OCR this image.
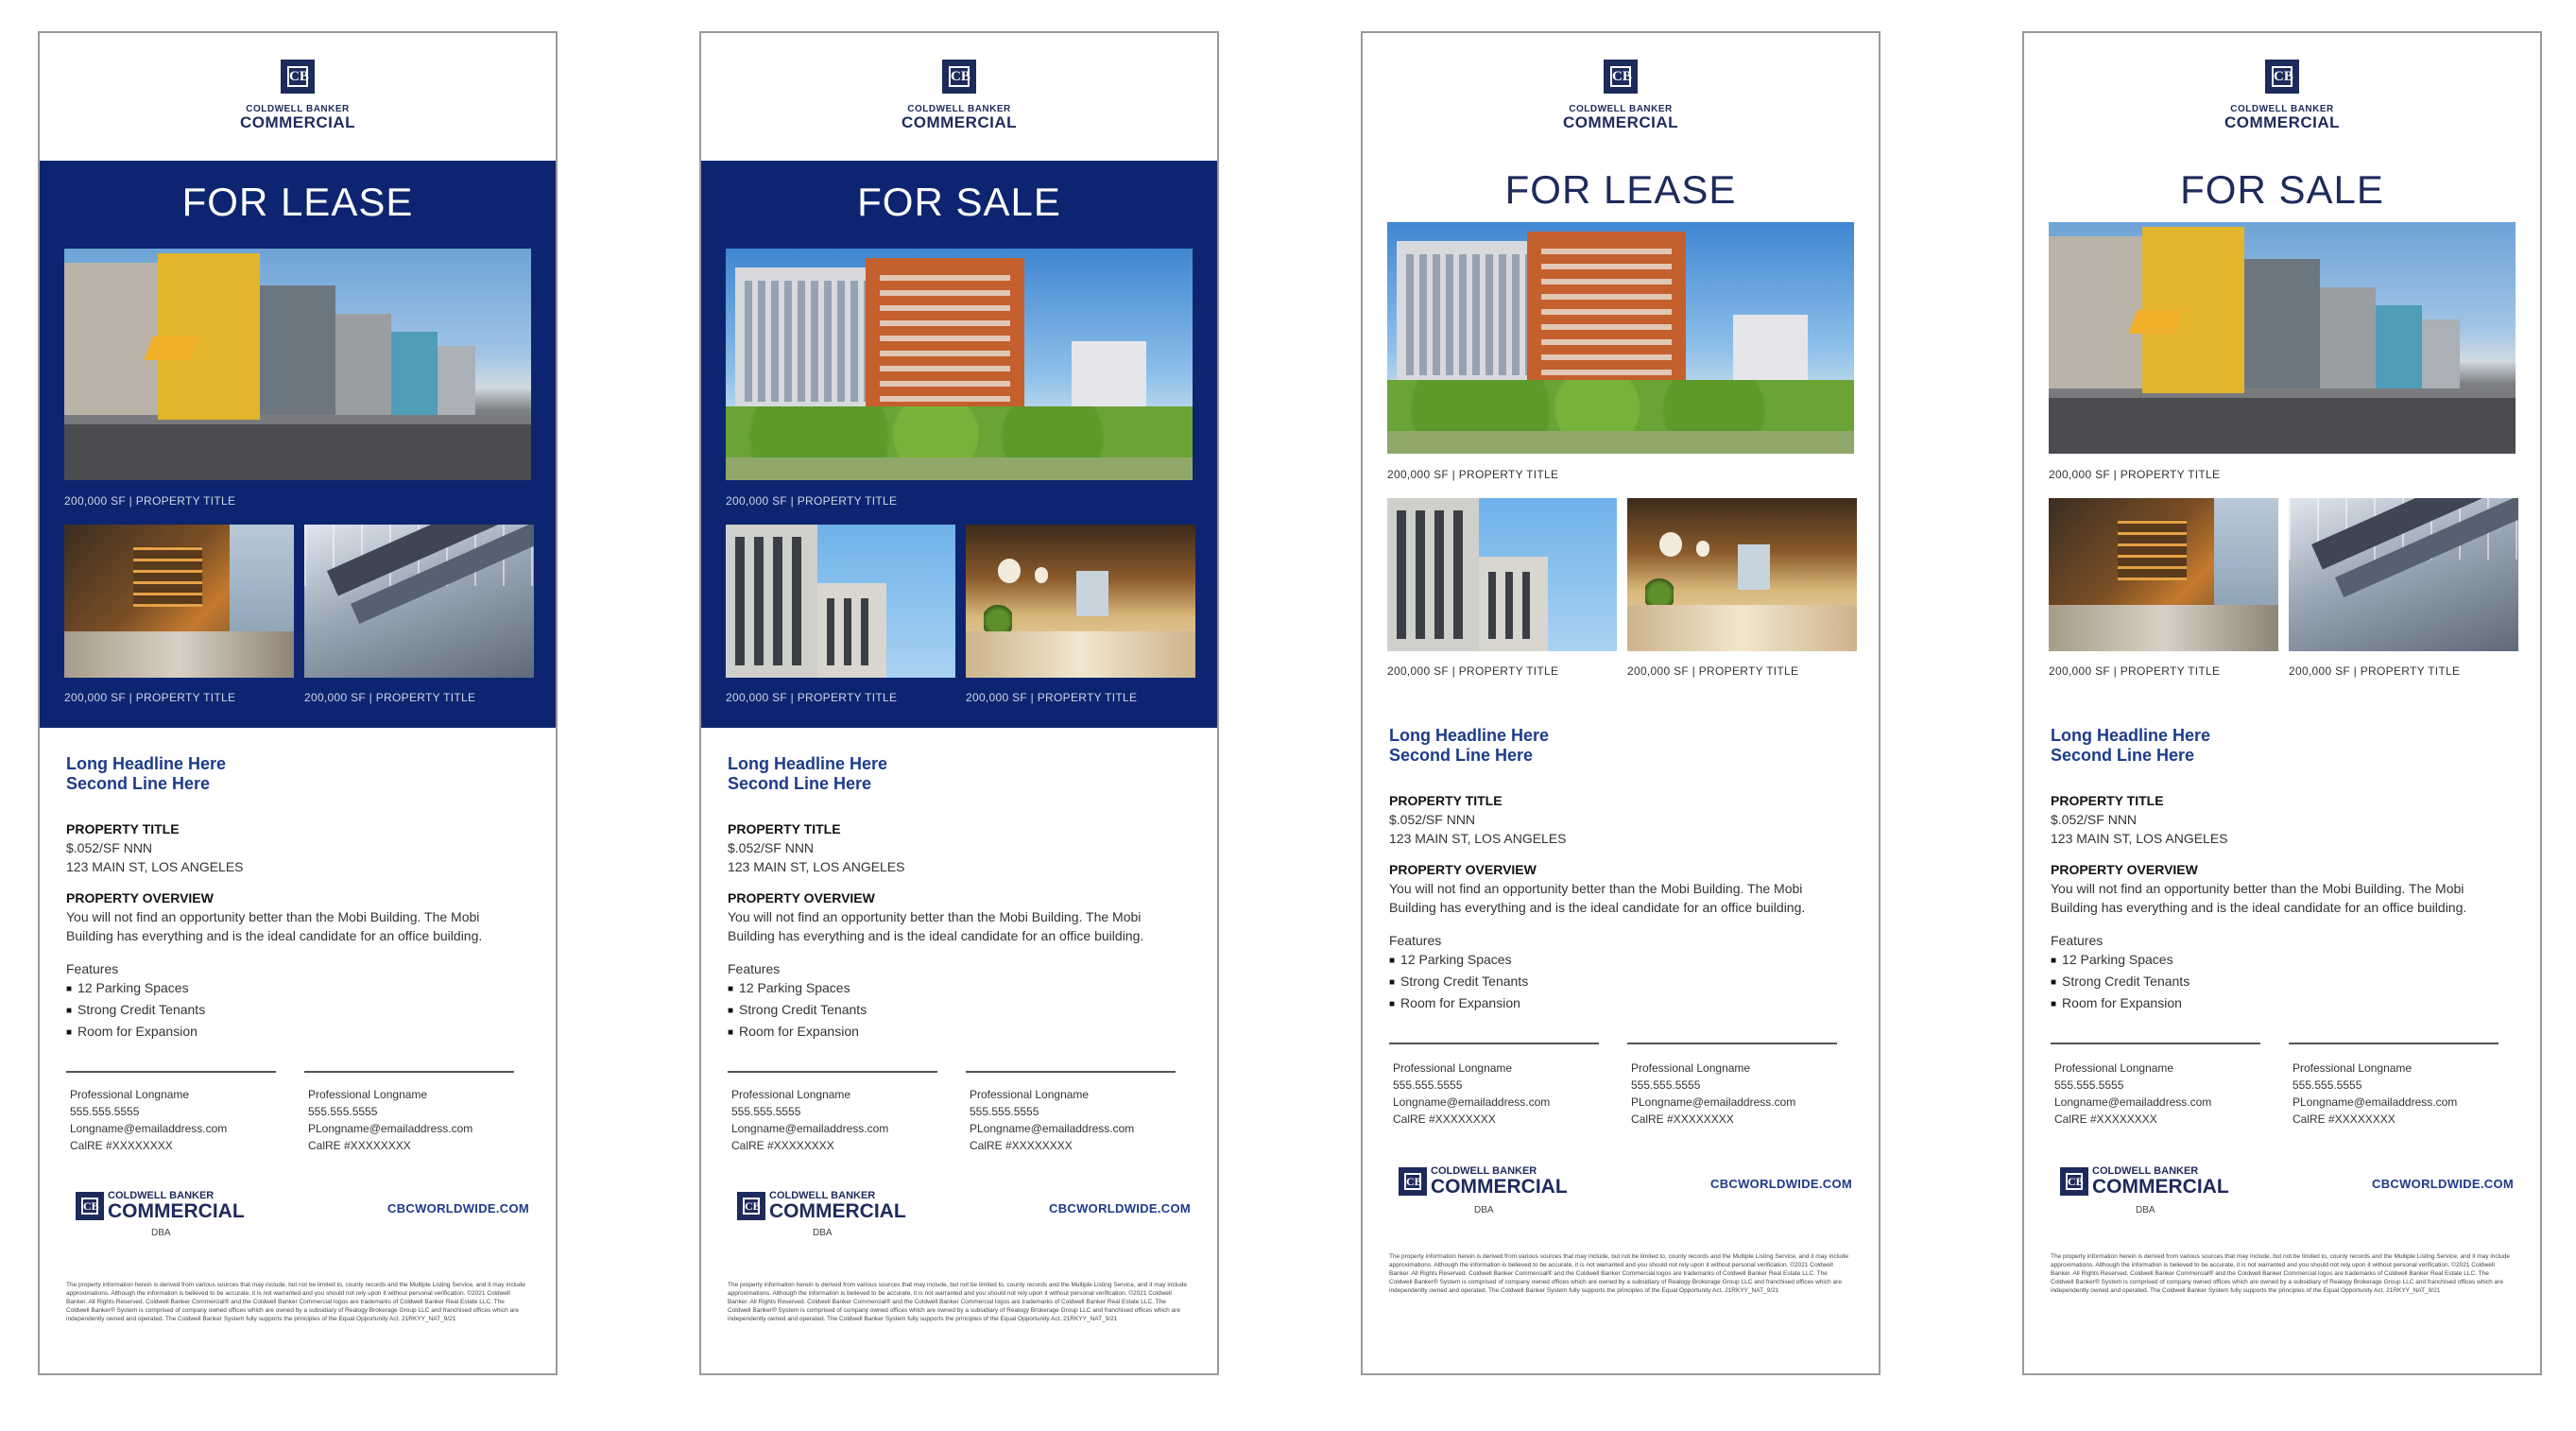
CB
COLDWELL BANKER
COMMERCIAL
FOR LEASE
200,000 SF | PROPERTY TITLE
200,000 SF | PROPERTY TITLE	200,000 SF | PROPERTY TITLE
Long Headline Here
Second Line Here
PROPERTY TITLE
$.052/SF NNN
123 MAIN ST, LOS ANGELES
PROPERTY OVERVIEW
You will not find an opportunity better than the Mobi Building. The Mobi Building has everything and is the ideal candidate for an office building.
Features
■ 12 Parking Spaces
■ Strong Credit Tenants
■ Room for Expansion
Professional Longname
555.555.5555
Longname@emailaddress.com
CalRE #XXXXXXXX
Professional Longname
555.555.5555
PLongname@emailaddress.com
CalRE #XXXXXXXX
CB
COLDWELL BANKER
COMMERCIAL
DBA
CBCWORLDWIDE.COM
The property information herein is derived from various sources that may include, but not be limited to, county records and the Multiple Listing Service, and it may include approximations. Although the information is believed to be accurate, it is not warranted and you should not rely upon it without personal verification. ©2021 Coldwell Banker. All Rights Reserved. Coldwell Banker Commercial® and the Coldwell Banker Commercial logos are trademarks of Coldwell Banker Real Estate LLC. The Coldwell Banker® System is comprised of company owned offices which are owned by a subsidiary of Realogy Brokerage Group LLC and franchised offices which are independently owned and operated. The Coldwell Banker System fully supports the principles of the Equal Opportunity Act. 21RKYY_NAT_9/21
CB
COLDWELL BANKER
COMMERCIAL
FOR SALE
200,000 SF | PROPERTY TITLE
200,000 SF | PROPERTY TITLE	200,000 SF | PROPERTY TITLE
Long Headline Here
Second Line Here
PROPERTY TITLE
$.052/SF NNN
123 MAIN ST, LOS ANGELES
PROPERTY OVERVIEW
You will not find an opportunity better than the Mobi Building. The Mobi Building has everything and is the ideal candidate for an office building.
Features
■ 12 Parking Spaces
■ Strong Credit Tenants
■ Room for Expansion
Professional Longname
555.555.5555
Longname@emailaddress.com
CalRE #XXXXXXXX
Professional Longname
555.555.5555
PLongname@emailaddress.com
CalRE #XXXXXXXX
CB
COLDWELL BANKER
COMMERCIAL
DBA
CBCWORLDWIDE.COM
The property information herein is derived from various sources that may include, but not be limited to, county records and the Multiple Listing Service, and it may include approximations. Although the information is believed to be accurate, it is not warranted and you should not rely upon it without personal verification. ©2021 Coldwell Banker. All Rights Reserved. Coldwell Banker Commercial® and the Coldwell Banker Commercial logos are trademarks of Coldwell Banker Real Estate LLC. The Coldwell Banker® System is comprised of company owned offices which are owned by a subsidiary of Realogy Brokerage Group LLC and franchised offices which are independently owned and operated. The Coldwell Banker System fully supports the principles of the Equal Opportunity Act. 21RKYY_NAT_9/21
CB
COLDWELL BANKER
COMMERCIAL
FOR LEASE
200,000 SF | PROPERTY TITLE
200,000 SF | PROPERTY TITLE	200,000 SF | PROPERTY TITLE
Long Headline Here
Second Line Here
PROPERTY TITLE
$.052/SF NNN
123 MAIN ST, LOS ANGELES
PROPERTY OVERVIEW
You will not find an opportunity better than the Mobi Building. The Mobi Building has everything and is the ideal candidate for an office building.
Features
■ 12 Parking Spaces
■ Strong Credit Tenants
■ Room for Expansion
Professional Longname
555.555.5555
Longname@emailaddress.com
CalRE #XXXXXXXX
Professional Longname
555.555.5555
PLongname@emailaddress.com
CalRE #XXXXXXXX
CB
COLDWELL BANKER
COMMERCIAL
DBA
CBCWORLDWIDE.COM
The property information herein is derived from various sources that may include, but not be limited to, county records and the Multiple Listing Service, and it may include approximations. Although the information is believed to be accurate, it is not warranted and you should not rely upon it without personal verification. ©2021 Coldwell Banker. All Rights Reserved. Coldwell Banker Commercial® and the Coldwell Banker Commercial logos are trademarks of Coldwell Banker Real Estate LLC. The Coldwell Banker® System is comprised of company owned offices which are owned by a subsidiary of Realogy Brokerage Group LLC and franchised offices which are independently owned and operated. The Coldwell Banker System fully supports the principles of the Equal Opportunity Act. 21RKYY_NAT_9/21
CB
COLDWELL BANKER
COMMERCIAL
FOR SALE
200,000 SF | PROPERTY TITLE
200,000 SF | PROPERTY TITLE	200,000 SF | PROPERTY TITLE
Long Headline Here
Second Line Here
PROPERTY TITLE
$.052/SF NNN
123 MAIN ST, LOS ANGELES
PROPERTY OVERVIEW
You will not find an opportunity better than the Mobi Building. The Mobi Building has everything and is the ideal candidate for an office building.
Features
■ 12 Parking Spaces
■ Strong Credit Tenants
■ Room for Expansion
Professional Longname
555.555.5555
Longname@emailaddress.com
CalRE #XXXXXXXX
Professional Longname
555.555.5555
PLongname@emailaddress.com
CalRE #XXXXXXXX
CB
COLDWELL BANKER
COMMERCIAL
DBA
CBCWORLDWIDE.COM
The property information herein is derived from various sources that may include, but not be limited to, county records and the Multiple Listing Service, and it may include approximations. Although the information is believed to be accurate, it is not warranted and you should not rely upon it without personal verification. ©2021 Coldwell Banker. All Rights Reserved. Coldwell Banker Commercial® and the Coldwell Banker Commercial logos are trademarks of Coldwell Banker Real Estate LLC. The Coldwell Banker® System is comprised of company owned offices which are owned by a subsidiary of Realogy Brokerage Group LLC and franchised offices which are independently owned and operated. The Coldwell Banker System fully supports the principles of the Equal Opportunity Act. 21RKYY_NAT_9/21
